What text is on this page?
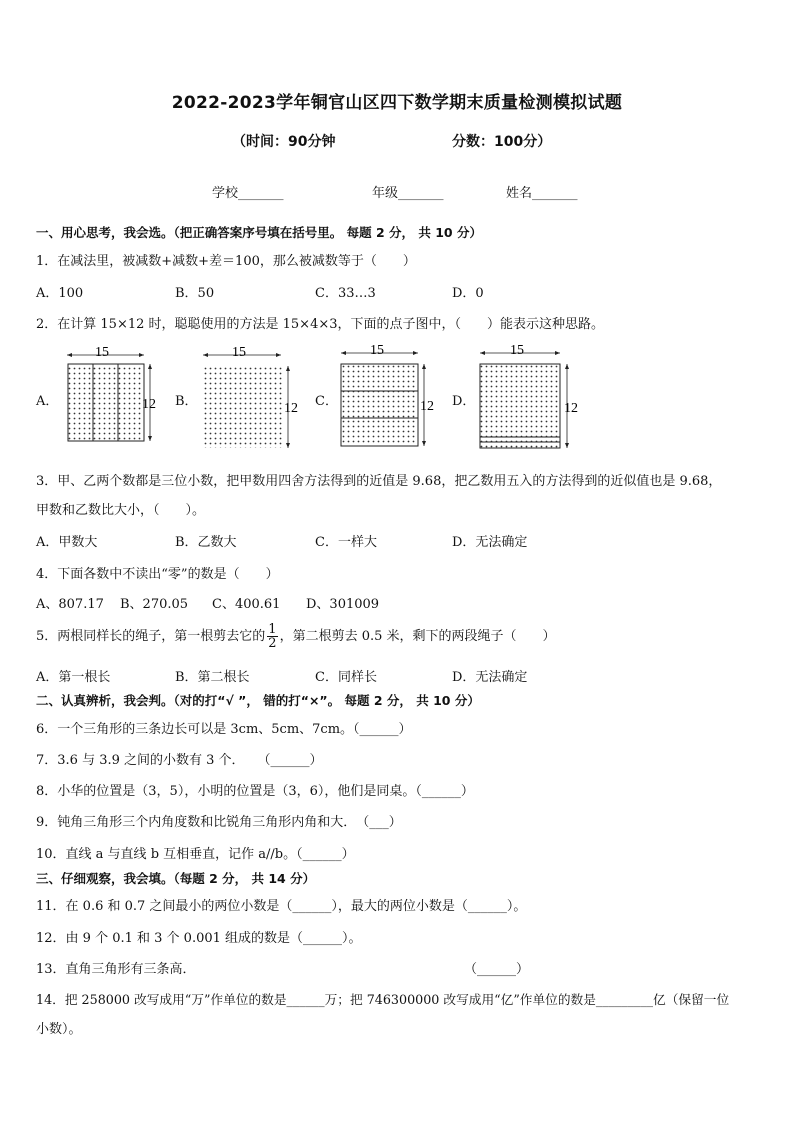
2022-2023学年铜官山区四下数学期末质量检测模拟试题
（时间：90分钟	分数：100分）
学校_______	年级_______	姓名_______
一、用心思考，我会选。（把正确答案序号填在括号里。 每题 2 分， 共 10 分）
1．在减法里，被减数+减数+差＝100，那么被减数等于（　　）
A．100	B．50	C．33…3	D．0
2．在计算 15×12 时，聪聪使用的方法是 15×4×3，下面的点子图中，（　　）能表示这种思路。
A．
15
12 B．
15
12 C．
15
12 D．
15
12
3．甲、乙两个数都是三位小数，把甲数用四舍方法得到的近值是 9.68，把乙数用五入的方法得到的近似值也是 9.68，
甲数和乙数比大小，（　　）。
A．甲数大	B．乙数大	C．一样大	D．无法确定
4．下面各数中不读出“零”的数是（　　）
A、807.17 B、270.05 C、400.61 D、301009
5．两根同样长的绳子，第一根剪去它的 $\frac{1}{2}$ ，第二根剪去 0.5 米，剩下的两段绳子（　　）
A．第一根长	B．第二根长	C．同样长	D．无法确定
二、认真辨析，我会判。（对的打“√ ”， 错的打“×”。 每题 2 分， 共 10 分）
6．一个三角形的三条边长可以是 3cm、5cm、7cm。（______）
7．3.6 与 3.9 之间的小数有 3 个．　　（______）
8．小华的位置是（3，5），小明的位置是（3，6），他们是同桌。（______）
9．钝角三角形三个内角度数和比锐角三角形内角和大．　（___）
10．直线 a 与直线 b 互相垂直，记作 a//b。（______）
三、仔细观察，我会填。（每题 2 分， 共 14 分）
11．在 0.6 和 0.7 之间最小的两位小数是（______），最大的两位小数是（______）。
12．由 9 个 0.1 和 3 个 0.001 组成的数是（______）。
13．直角三角形有三条高．	（______）
14．把 258000 改写成用“万”作单位的数是______万；把 746300000 改写成用“亿”作单位的数是_________亿（保留一位
小数）。
